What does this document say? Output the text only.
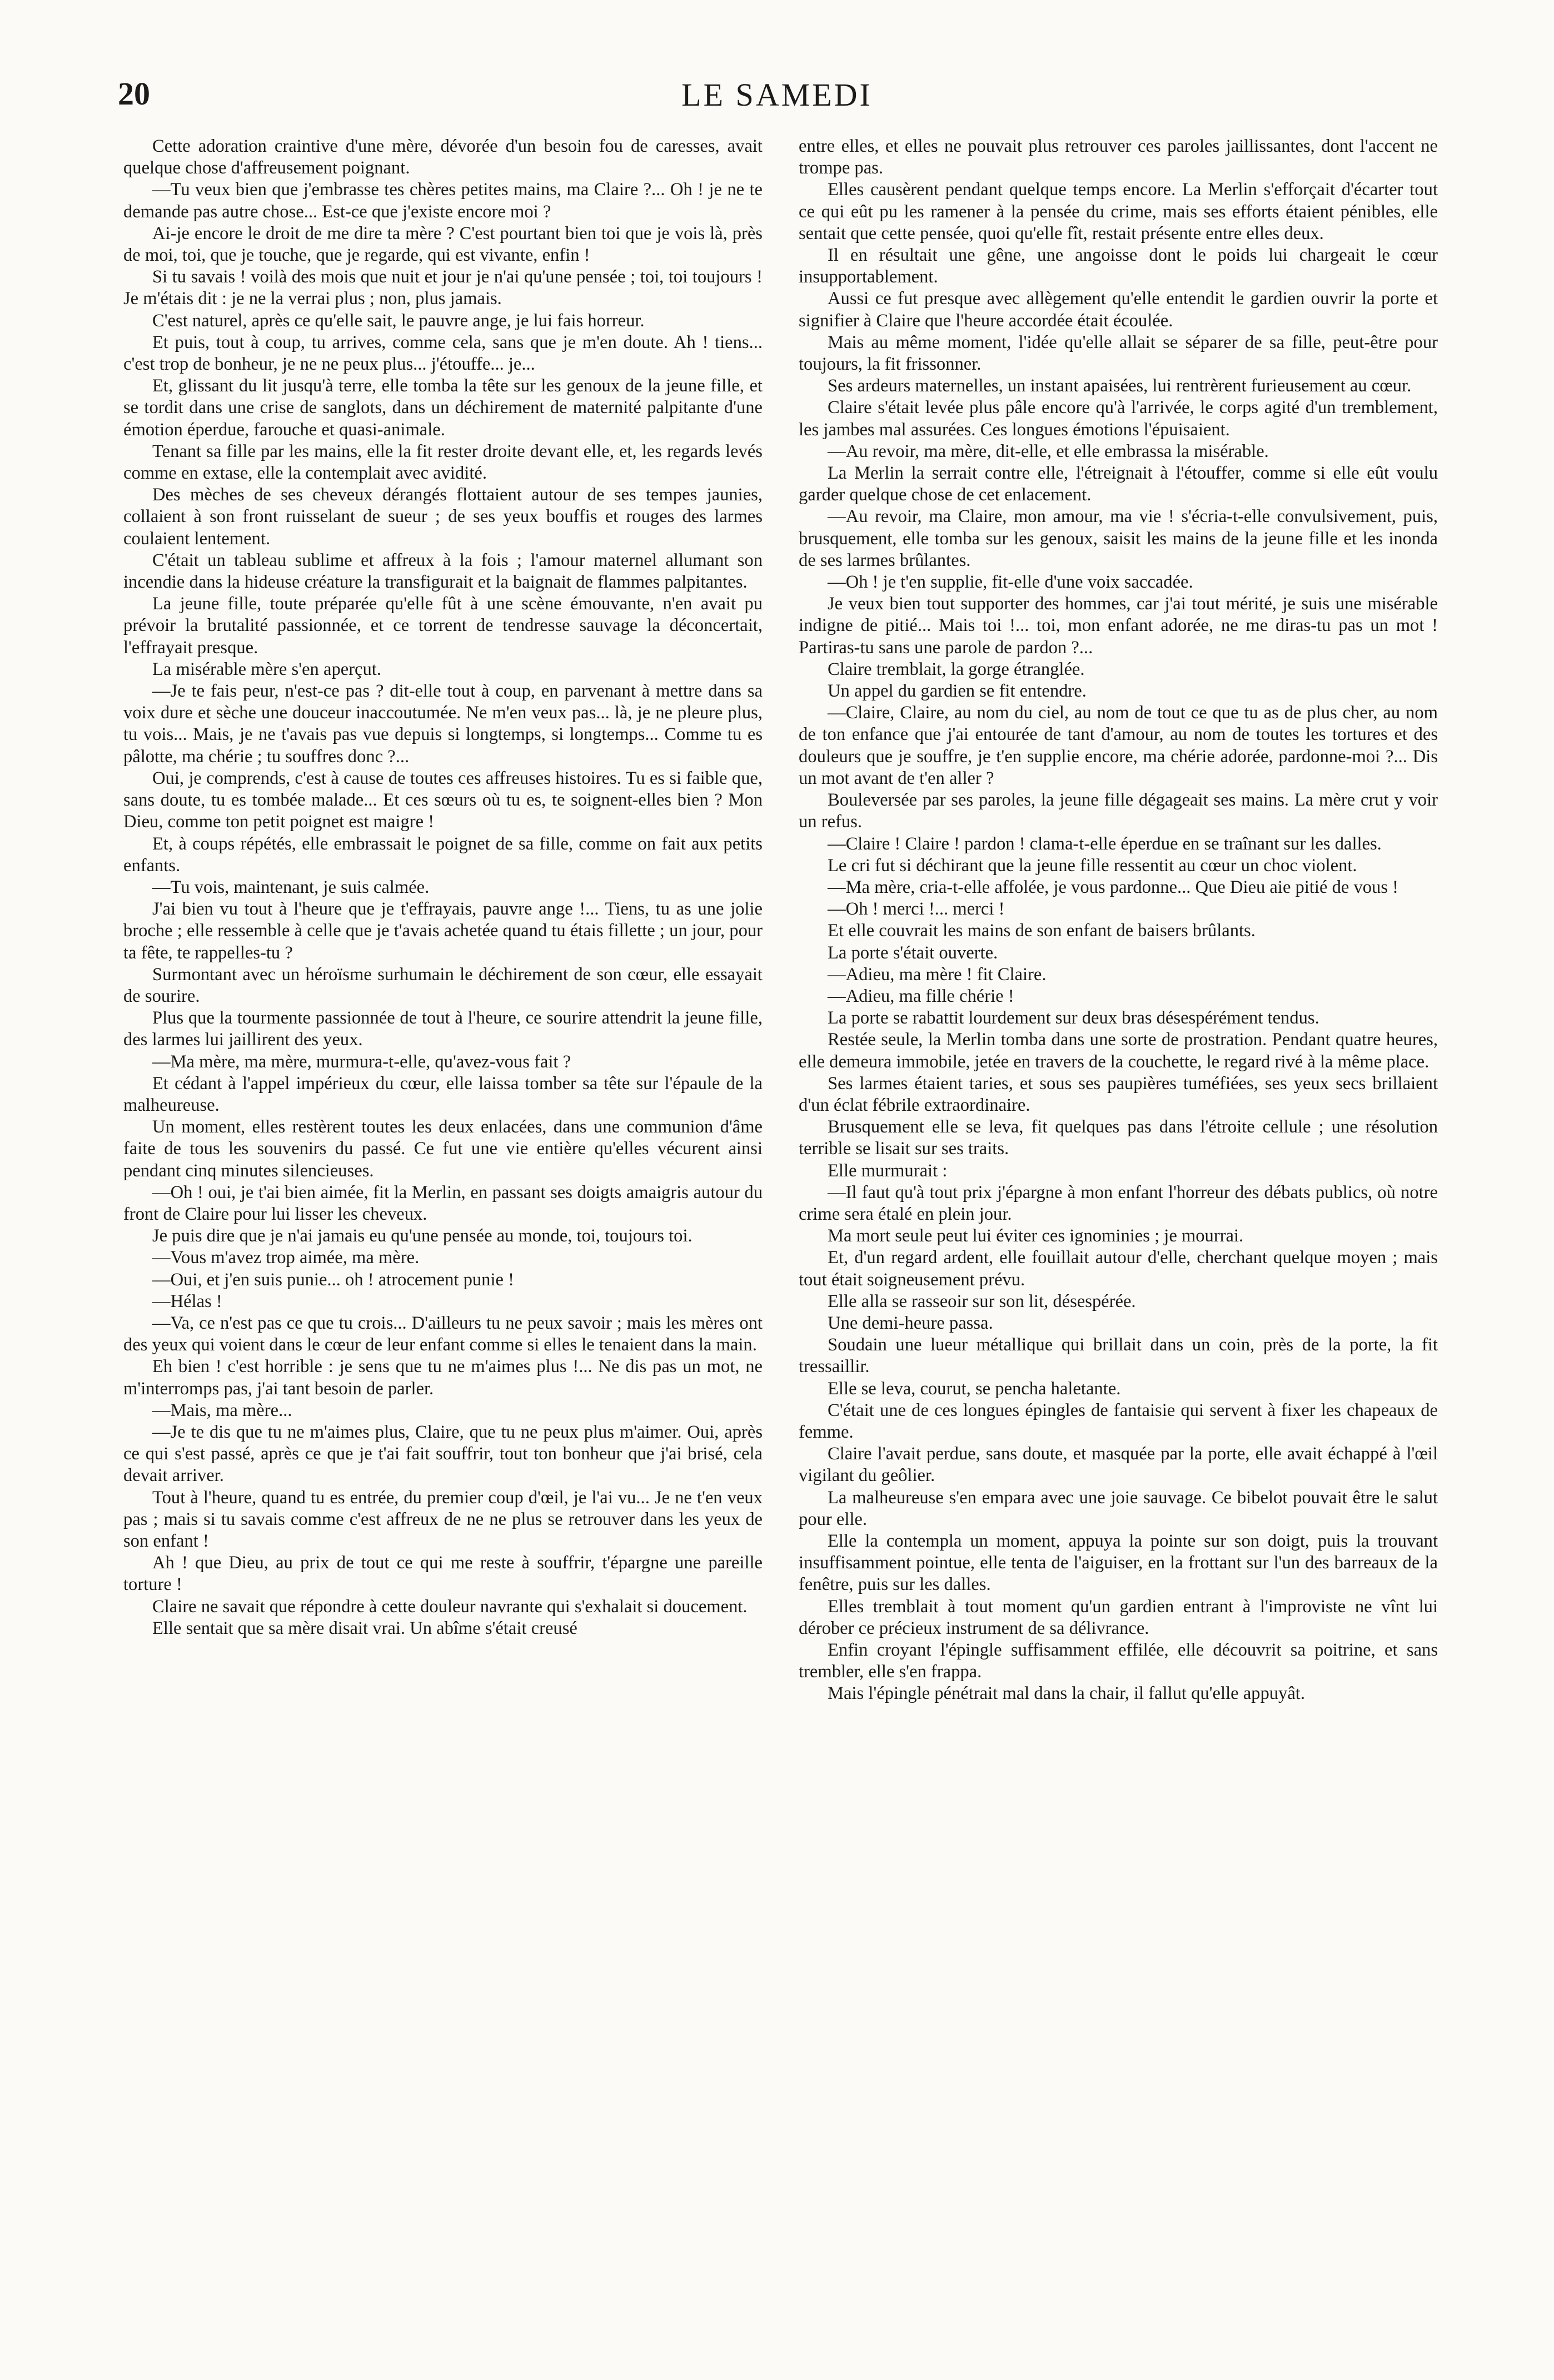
20	LE SAMEDI

Cette adoration craintive d'une mère, dévorée d'un besoin fou de caresses, avait quelque chose d'affreusement poignant.

—Tu veux bien que j'embrasse tes chères petites mains, ma Claire ?... Oh ! je ne te demande pas autre chose... Est-ce que j'existe encore moi ?

Ai-je encore le droit de me dire ta mère ? C'est pourtant bien toi que je vois là, près de moi, toi, que je touche, que je regarde, qui est vivante, enfin !

Si tu savais ! voilà des mois que nuit et jour je n'ai qu'une pensée ; toi, toi toujours ! Je m'étais dit : je ne la verrai plus ; non, plus jamais.

C'est naturel, après ce qu'elle sait, le pauvre ange, je lui fais horreur.

Et puis, tout à coup, tu arrives, comme cela, sans que je m'en doute. Ah ! tiens... c'est trop de bonheur, je ne ne peux plus... j'étouffe... je...

Et, glissant du lit jusqu'à terre, elle tomba la tête sur les genoux de la jeune fille, et se tordit dans une crise de sanglots, dans un déchirement de maternité palpitante d'une émotion éperdue, farouche et quasi-animale.

Tenant sa fille par les mains, elle la fit rester droite devant elle, et, les regards levés comme en extase, elle la contemplait avec avidité.

Des mèches de ses cheveux dérangés flottaient autour de ses tempes jaunies, collaient à son front ruisselant de sueur ; de ses yeux bouffis et rouges des larmes coulaient lentement.

C'était un tableau sublime et affreux à la fois ; l'amour maternel allumant son incendie dans la hideuse créature la transfigurait et la baignait de flammes palpitantes.

La jeune fille, toute préparée qu'elle fût à une scène émouvante, n'en avait pu prévoir la brutalité passionnée, et ce torrent de tendresse sauvage la déconcertait, l'effrayait presque.

La misérable mère s'en aperçut.

—Je te fais peur, n'est-ce pas ? dit-elle tout à coup, en parvenant à mettre dans sa voix dure et sèche une douceur inaccoutumée. Ne m'en veux pas... là, je ne pleure plus, tu vois... Mais, je ne t'avais pas vue depuis si longtemps, si longtemps... Comme tu es pâlotte, ma chérie ; tu souffres donc ?...

Oui, je comprends, c'est à cause de toutes ces affreuses histoires. Tu es si faible que, sans doute, tu es tombée malade... Et ces sœurs où tu es, te soignent-elles bien ? Mon Dieu, comme ton petit poignet est maigre !

Et, à coups répétés, elle embrassait le poignet de sa fille, comme on fait aux petits enfants.

—Tu vois, maintenant, je suis calmée.

J'ai bien vu tout à l'heure que je t'effrayais, pauvre ange !... Tiens, tu as une jolie broche ; elle ressemble à celle que je t'avais achetée quand tu étais fillette ; un jour, pour ta fête, te rappelles-tu ?

Surmontant avec un héroïsme surhumain le déchirement de son cœur, elle essayait de sourire.

Plus que la tourmente passionnée de tout à l'heure, ce sourire attendrit la jeune fille, des larmes lui jaillirent des yeux.

—Ma mère, ma mère, murmura-t-elle, qu'avez-vous fait ?

Et cédant à l'appel impérieux du cœur, elle laissa tomber sa tête sur l'épaule de la malheureuse.

Un moment, elles restèrent toutes les deux enlacées, dans une communion d'âme faite de tous les souvenirs du passé. Ce fut une vie entière qu'elles vécurent ainsi pendant cinq minutes silencieuses.

—Oh ! oui, je t'ai bien aimée, fit la Merlin, en passant ses doigts amaigris autour du front de Claire pour lui lisser les cheveux.

Je puis dire que je n'ai jamais eu qu'une pensée au monde, toi, toujours toi.

—Vous m'avez trop aimée, ma mère.

—Oui, et j'en suis punie... oh ! atrocement punie !

—Hélas !

—Va, ce n'est pas ce que tu crois... D'ailleurs tu ne peux savoir ; mais les mères ont des yeux qui voient dans le cœur de leur enfant comme si elles le tenaient dans la main.

Eh bien ! c'est horrible : je sens que tu ne m'aimes plus !... Ne dis pas un mot, ne m'interromps pas, j'ai tant besoin de parler.

—Mais, ma mère...

—Je te dis que tu ne m'aimes plus, Claire, que tu ne peux plus m'aimer. Oui, après ce qui s'est passé, après ce que je t'ai fait souffrir, tout ton bonheur que j'ai brisé, cela devait arriver.

Tout à l'heure, quand tu es entrée, du premier coup d'œil, je l'ai vu... Je ne t'en veux pas ; mais si tu savais comme c'est affreux de ne ne plus se retrouver dans les yeux de son enfant !

Ah ! que Dieu, au prix de tout ce qui me reste à souffrir, t'épargne une pareille torture !

Claire ne savait que répondre à cette douleur navrante qui s'exhalait si doucement.

Elle sentait que sa mère disait vrai. Un abîme s'était creusé

entre elles, et elles ne pouvait plus retrouver ces paroles jaillissantes, dont l'accent ne trompe pas.

Elles causèrent pendant quelque temps encore. La Merlin s'efforçait d'écarter tout ce qui eût pu les ramener à la pensée du crime, mais ses efforts étaient pénibles, elle sentait que cette pensée, quoi qu'elle fît, restait présente entre elles deux.

Il en résultait une gêne, une angoisse dont le poids lui chargeait le cœur insupportablement.

Aussi ce fut presque avec allègement qu'elle entendit le gardien ouvrir la porte et signifier à Claire que l'heure accordée était écoulée.

Mais au même moment, l'idée qu'elle allait se séparer de sa fille, peut-être pour toujours, la fit frissonner.

Ses ardeurs maternelles, un instant apaisées, lui rentrèrent furieusement au cœur.

Claire s'était levée plus pâle encore qu'à l'arrivée, le corps agité d'un tremblement, les jambes mal assurées. Ces longues émotions l'épuisaient.

—Au revoir, ma mère, dit-elle, et elle embrassa la misérable.

La Merlin la serrait contre elle, l'étreignait à l'étouffer, comme si elle eût voulu garder quelque chose de cet enlacement.

—Au revoir, ma Claire, mon amour, ma vie ! s'écria-t-elle convulsivement, puis, brusquement, elle tomba sur les genoux, saisit les mains de la jeune fille et les inonda de ses larmes brûlantes.

—Oh ! je t'en supplie, fit-elle d'une voix saccadée.

Je veux bien tout supporter des hommes, car j'ai tout mérité, je suis une misérable indigne de pitié... Mais toi !... toi, mon enfant adorée, ne me diras-tu pas un mot ! Partiras-tu sans une parole de pardon ?...

Claire tremblait, la gorge étranglée.

Un appel du gardien se fit entendre.

—Claire, Claire, au nom du ciel, au nom de tout ce que tu as de plus cher, au nom de ton enfance que j'ai entourée de tant d'amour, au nom de toutes les tortures et des douleurs que je souffre, je t'en supplie encore, ma chérie adorée, pardonne-moi ?... Dis un mot avant de t'en aller ?

Bouleversée par ses paroles, la jeune fille dégageait ses mains. La mère crut y voir un refus.

—Claire ! Claire ! pardon ! clama-t-elle éperdue en se traînant sur les dalles.

Le cri fut si déchirant que la jeune fille ressentit au cœur un choc violent.

—Ma mère, cria-t-elle affolée, je vous pardonne... Que Dieu aie pitié de vous !

—Oh ! merci !... merci !

Et elle couvrait les mains de son enfant de baisers brûlants.

La porte s'était ouverte.

—Adieu, ma mère ! fit Claire.

—Adieu, ma fille chérie !

La porte se rabattit lourdement sur deux bras désespérément tendus.

Restée seule, la Merlin tomba dans une sorte de prostration. Pendant quatre heures, elle demeura immobile, jetée en travers de la couchette, le regard rivé à la même place.

Ses larmes étaient taries, et sous ses paupières tuméfiées, ses yeux secs brillaient d'un éclat fébrile extraordinaire.

Brusquement elle se leva, fit quelques pas dans l'étroite cellule ; une résolution terrible se lisait sur ses traits.

Elle murmurait :

—Il faut qu'à tout prix j'épargne à mon enfant l'horreur des débats publics, où notre crime sera étalé en plein jour.

Ma mort seule peut lui éviter ces ignominies ; je mourrai.

Et, d'un regard ardent, elle fouillait autour d'elle, cherchant quelque moyen ; mais tout était soigneusement prévu.

Elle alla se rasseoir sur son lit, désespérée.

Une demi-heure passa.

Soudain une lueur métallique qui brillait dans un coin, près de la porte, la fit tressaillir.

Elle se leva, courut, se pencha haletante.

C'était une de ces longues épingles de fantaisie qui servent à fixer les chapeaux de femme.

Claire l'avait perdue, sans doute, et masquée par la porte, elle avait échappé à l'œil vigilant du geôlier.

La malheureuse s'en empara avec une joie sauvage. Ce bibelot pouvait être le salut pour elle.

Elle la contempla un moment, appuya la pointe sur son doigt, puis la trouvant insuffisamment pointue, elle tenta de l'aiguiser, en la frottant sur l'un des barreaux de la fenêtre, puis sur les dalles.

Elles tremblait à tout moment qu'un gardien entrant à l'improviste ne vînt lui dérober ce précieux instrument de sa délivrance.

Enfin croyant l'épingle suffisamment effilée, elle découvrit sa poitrine, et sans trembler, elle s'en frappa.

Mais l'épingle pénétrait mal dans la chair, il fallut qu'elle appuyât.
